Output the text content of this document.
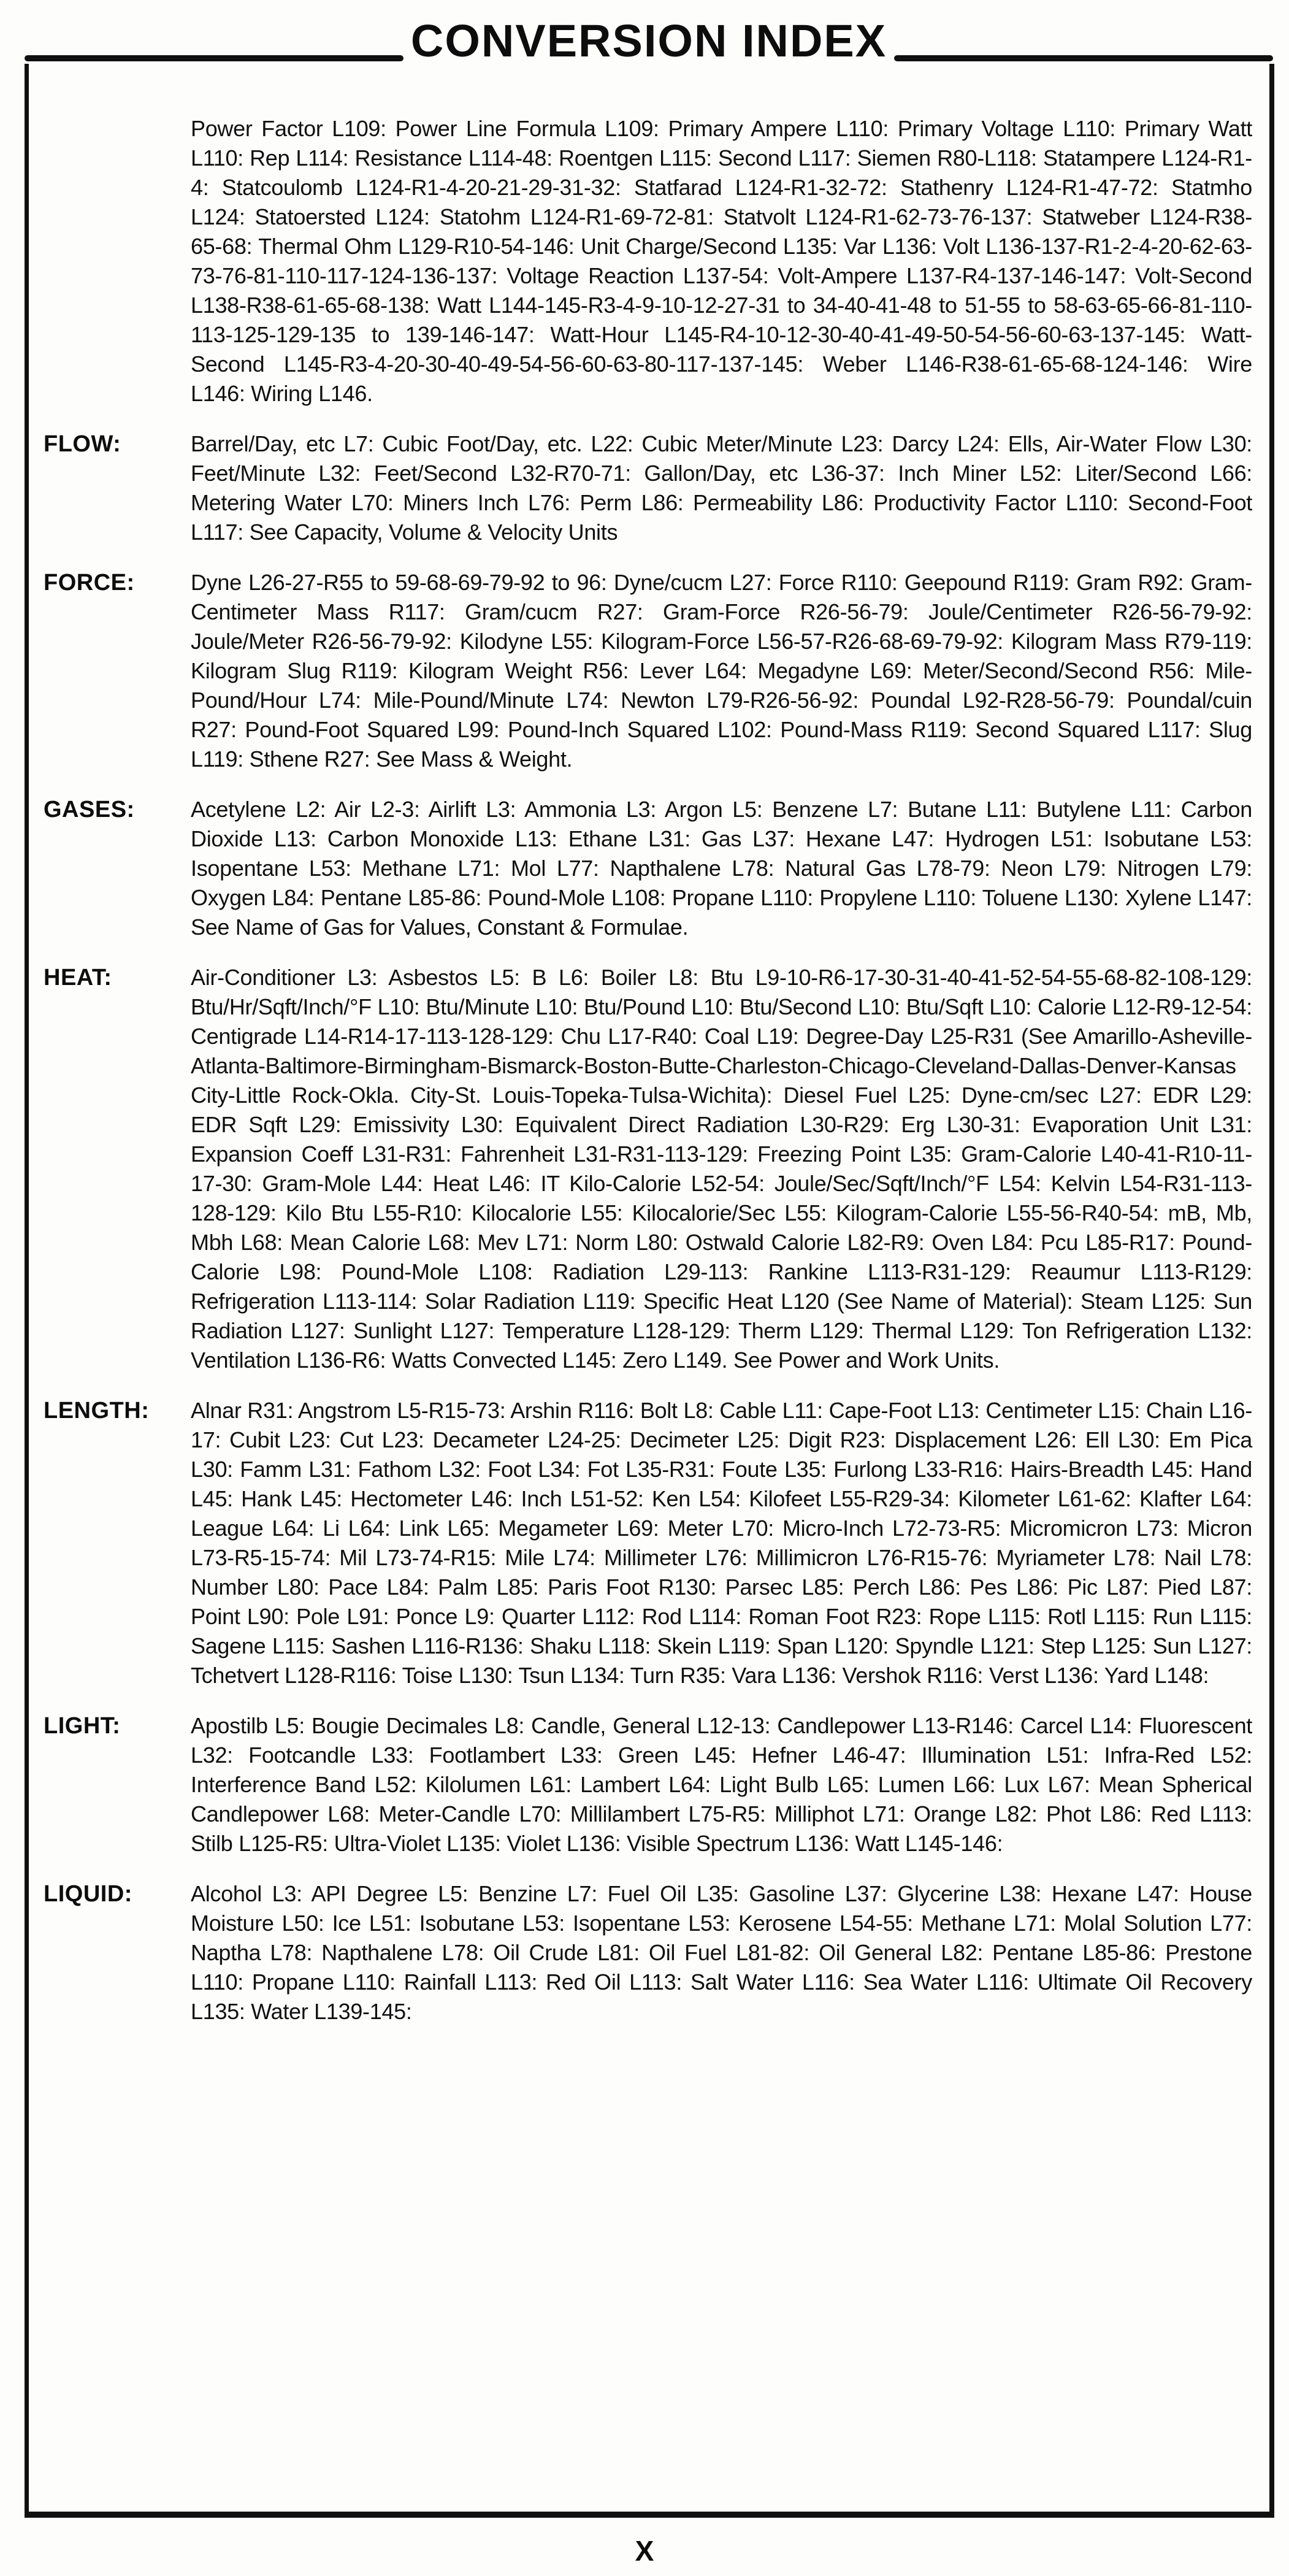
CONVERSION INDEX
Power Factor L109: Power Line Formula L109: Primary Ampere L110: Primary Voltage L110: Primary Watt L110: Rep L114: Resistance L114-48: Roentgen L115: Second L117: Siemen R80-L118: Statampere L124-R1-4: Statcoulomb L124-R1-4-20-21-29-31-32: Statfarad L124-R1-32-72: Stathenry L124-R1-47-72: Statmho L124: Statoersted L124: Statohm L124-R1-69-72-81: Statvolt L124-R1-62-73-76-137: Statweber L124-R38-65-68: Thermal Ohm L129-R10-54-146: Unit Charge/Second L135: Var L136: Volt L136-137-R1-2-4-20-62-63-73-76-81-110-117-124-136-137: Voltage Reaction L137-54: Volt-Ampere L137-R4-137-146-147: Volt-Second L138-R38-61-65-68-138: Watt L144-145-R3-4-9-10-12-27-31 to 34-40-41-48 to 51-55 to 58-63-65-66-81-110-113-125-129-135 to 139-146-147: Watt-Hour L145-R4-10-12-30-40-41-49-50-54-56-60-63-137-145: Watt-Second L145-R3-4-20-30-40-49-54-56-60-63-80-117-137-145: Weber L146-R38-61-65-68-124-146: Wire L146: Wiring L146.
FLOW:	Barrel/Day, etc L7: Cubic Foot/Day, etc. L22: Cubic Meter/Minute L23: Darcy L24: Ells, Air-Water Flow L30: Feet/Minute L32: Feet/Second L32-R70-71: Gallon/Day, etc L36-37: Inch Miner L52: Liter/Second L66: Metering Water L70: Miners Inch L76: Perm L86: Permeability L86: Productivity Factor L110: Second-Foot L117: See Capacity, Volume & Velocity Units
FORCE:	Dyne L26-27-R55 to 59-68-69-79-92 to 96: Dyne/cucm L27: Force R110: Geepound R119: Gram R92: Gram-Centimeter Mass R117: Gram/cucm R27: Gram-Force R26-56-79: Joule/Centimeter R26-56-79-92: Joule/Meter R26-56-79-92: Kilodyne L55: Kilogram-Force L56-57-R26-68-69-79-92: Kilogram Mass R79-119: Kilogram Slug R119: Kilogram Weight R56: Lever L64: Megadyne L69: Meter/Second/Second R56: Mile-Pound/Hour L74: Mile-Pound/Minute L74: Newton L79-R26-56-92: Poundal L92-R28-56-79: Poundal/cuin R27: Pound-Foot Squared L99: Pound-Inch Squared L102: Pound-Mass R119: Second Squared L117: Slug L119: Sthene R27: See Mass & Weight.
GASES:	Acetylene L2: Air L2-3: Airlift L3: Ammonia L3: Argon L5: Benzene L7: Butane L11: Butylene L11: Carbon Dioxide L13: Carbon Monoxide L13: Ethane L31: Gas L37: Hexane L47: Hydrogen L51: Isobutane L53: Isopentane L53: Methane L71: Mol L77: Napthalene L78: Natural Gas L78-79: Neon L79: Nitrogen L79: Oxygen L84: Pentane L85-86: Pound-Mole L108: Propane L110: Propylene L110: Toluene L130: Xylene L147: See Name of Gas for Values, Constant & Formulae.
HEAT:	Air-Conditioner L3: Asbestos L5: B L6: Boiler L8: Btu L9-10-R6-17-30-31-40-41-52-54-55-68-82-108-129: Btu/Hr/Sqft/Inch/°F L10: Btu/Minute L10: Btu/Pound L10: Btu/Second L10: Btu/Sqft L10: Calorie L12-R9-12-54: Centigrade L14-R14-17-113-128-129: Chu L17-R40: Coal L19: Degree-Day L25-R31 (See Amarillo-Asheville-Atlanta-Baltimore-Birmingham-Bismarck-Boston-Butte-Charleston-Chicago-Cleveland-Dallas-Denver-Kansas City-Little Rock-Okla. City-St. Louis-Topeka-Tulsa-Wichita): Diesel Fuel L25: Dyne-cm/sec L27: EDR L29: EDR Sqft L29: Emissivity L30: Equivalent Direct Radiation L30-R29: Erg L30-31: Evaporation Unit L31: Expansion Coeff L31-R31: Fahrenheit L31-R31-113-129: Freezing Point L35: Gram-Calorie L40-41-R10-11-17-30: Gram-Mole L44: Heat L46: IT Kilo-Calorie L52-54: Joule/Sec/Sqft/Inch/°F L54: Kelvin L54-R31-113-128-129: Kilo Btu L55-R10: Kilocalorie L55: Kilocalorie/Sec L55: Kilogram-Calorie L55-56-R40-54: mB, Mb, Mbh L68: Mean Calorie L68: Mev L71: Norm L80: Ostwald Calorie L82-R9: Oven L84: Pcu L85-R17: Pound-Calorie L98: Pound-Mole L108: Radiation L29-113: Rankine L113-R31-129: Reaumur L113-R129: Refrigeration L113-114: Solar Radiation L119: Specific Heat L120 (See Name of Material): Steam L125: Sun Radiation L127: Sunlight L127: Temperature L128-129: Therm L129: Thermal L129: Ton Refrigeration L132: Ventilation L136-R6: Watts Convected L145: Zero L149. See Power and Work Units.
LENGTH:	Alnar R31: Angstrom L5-R15-73: Arshin R116: Bolt L8: Cable L11: Cape-Foot L13: Centimeter L15: Chain L16-17: Cubit L23: Cut L23: Decameter L24-25: Decimeter L25: Digit R23: Displacement L26: Ell L30: Em Pica L30: Famm L31: Fathom L32: Foot L34: Fot L35-R31: Foute L35: Furlong L33-R16: Hairs-Breadth L45: Hand L45: Hank L45: Hectometer L46: Inch L51-52: Ken L54: Kilofeet L55-R29-34: Kilometer L61-62: Klafter L64: League L64: Li L64: Link L65: Megameter L69: Meter L70: Micro-Inch L72-73-R5: Micromicron L73: Micron L73-R5-15-74: Mil L73-74-R15: Mile L74: Millimeter L76: Millimicron L76-R15-76: Myriameter L78: Nail L78: Number L80: Pace L84: Palm L85: Paris Foot R130: Parsec L85: Perch L86: Pes L86: Pic L87: Pied L87: Point L90: Pole L91: Ponce L9: Quarter L112: Rod L114: Roman Foot R23: Rope L115: Rotl L115: Run L115: Sagene L115: Sashen L116-R136: Shaku L118: Skein L119: Span L120: Spyndle L121: Step L125: Sun L127: Tchetvert L128-R116: Toise L130: Tsun L134: Turn R35: Vara L136: Vershok R116: Verst L136: Yard L148:
LIGHT:	Apostilb L5: Bougie Decimales L8: Candle, General L12-13: Candlepower L13-R146: Carcel L14: Fluorescent L32: Footcandle L33: Footlambert L33: Green L45: Hefner L46-47: Illumination L51: Infra-Red L52: Interference Band L52: Kilolumen L61: Lambert L64: Light Bulb L65: Lumen L66: Lux L67: Mean Spherical Candlepower L68: Meter-Candle L70: Millilambert L75-R5: Milliphot L71: Orange L82: Phot L86: Red L113: Stilb L125-R5: Ultra-Violet L135: Violet L136: Visible Spectrum L136: Watt L145-146:
LIQUID:	Alcohol L3: API Degree L5: Benzine L7: Fuel Oil L35: Gasoline L37: Glycerine L38: Hexane L47: House Moisture L50: Ice L51: Isobutane L53: Isopentane L53: Kerosene L54-55: Methane L71: Molal Solution L77: Naptha L78: Napthalene L78: Oil Crude L81: Oil Fuel L81-82: Oil General L82: Pentane L85-86: Prestone L110: Propane L110: Rainfall L113: Red Oil L113: Salt Water L116: Sea Water L116: Ultimate Oil Recovery L135: Water L139-145:
X
